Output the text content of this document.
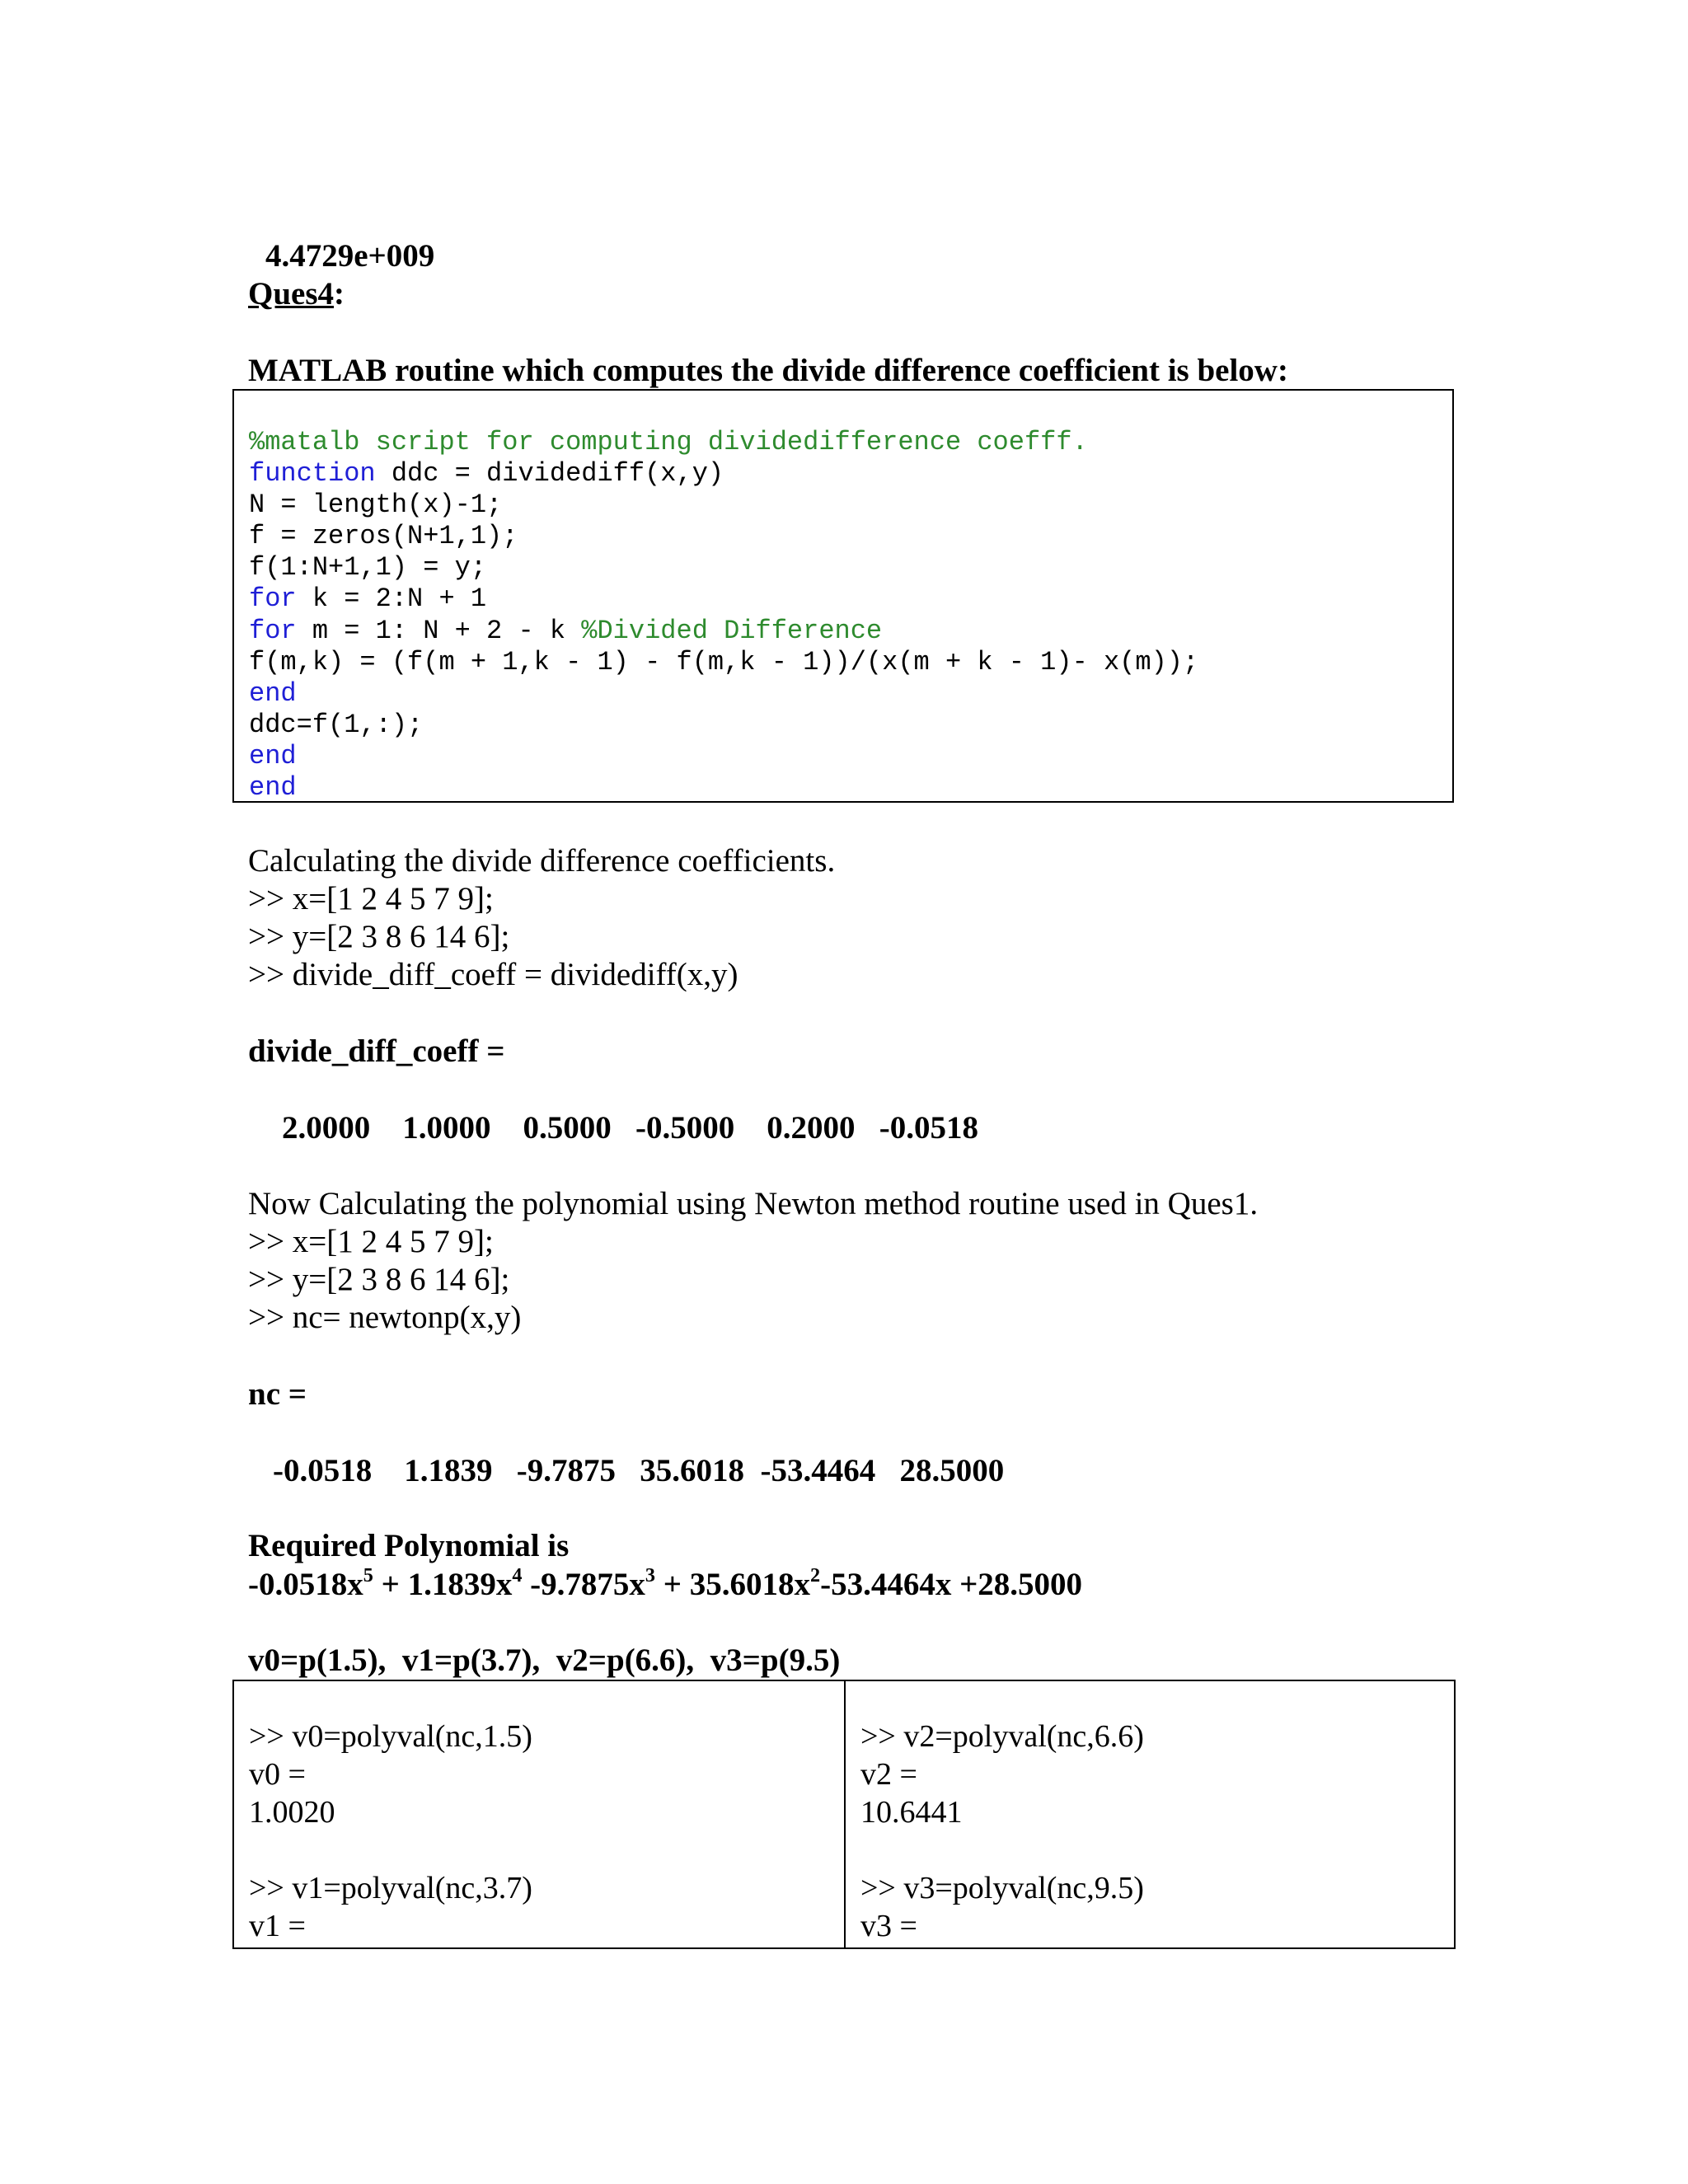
4.4729e+009
Ques4:
MATLAB routine which computes the divide difference coefficient is below:
%matalb script for computing dividedifference coefff.
function ddc = dividediff(x,y)
N = length(x)-1;
f = zeros(N+1,1);
f(1:N+1,1) = y;
for k = 2:N + 1
for m = 1: N + 2 - k %Divided Difference
f(m,k) = (f(m + 1,k - 1) - f(m,k - 1))/(x(m + k - 1)- x(m));
end
ddc=f(1,:);
end
end
Calculating the divide difference coefficients.
>> x=[1 2 4 5 7 9];
>> y=[2 3 8 6 14 6];
>> divide_diff_coeff = dividediff(x,y)
divide_diff_coeff =
2.0000    1.0000    0.5000   -0.5000    0.2000   -0.0518
Now Calculating the polynomial using Newton method routine used in Ques1.
>> x=[1 2 4 5 7 9];
>> y=[2 3 8 6 14 6];
>> nc= newtonp(x,y)
nc =
-0.0518    1.1839   -9.7875   35.6018  -53.4464   28.5000
Required Polynomial is
$-0.0518x^5 + 1.1839x^4$ $-9.7875x^3 + 35.6018x^2-53.4464x +28.5000$
v0=p(1.5),  v1=p(3.7),  v2=p(6.6),  v3=p(9.5)
>> v0=polyval(nc,1.5)
v0 =
1.0020

>> v1=polyval(nc,3.7)
v1 =
>> v2=polyval(nc,6.6)
v2 =
10.6441

>> v3=polyval(nc,9.5)
v3 =
